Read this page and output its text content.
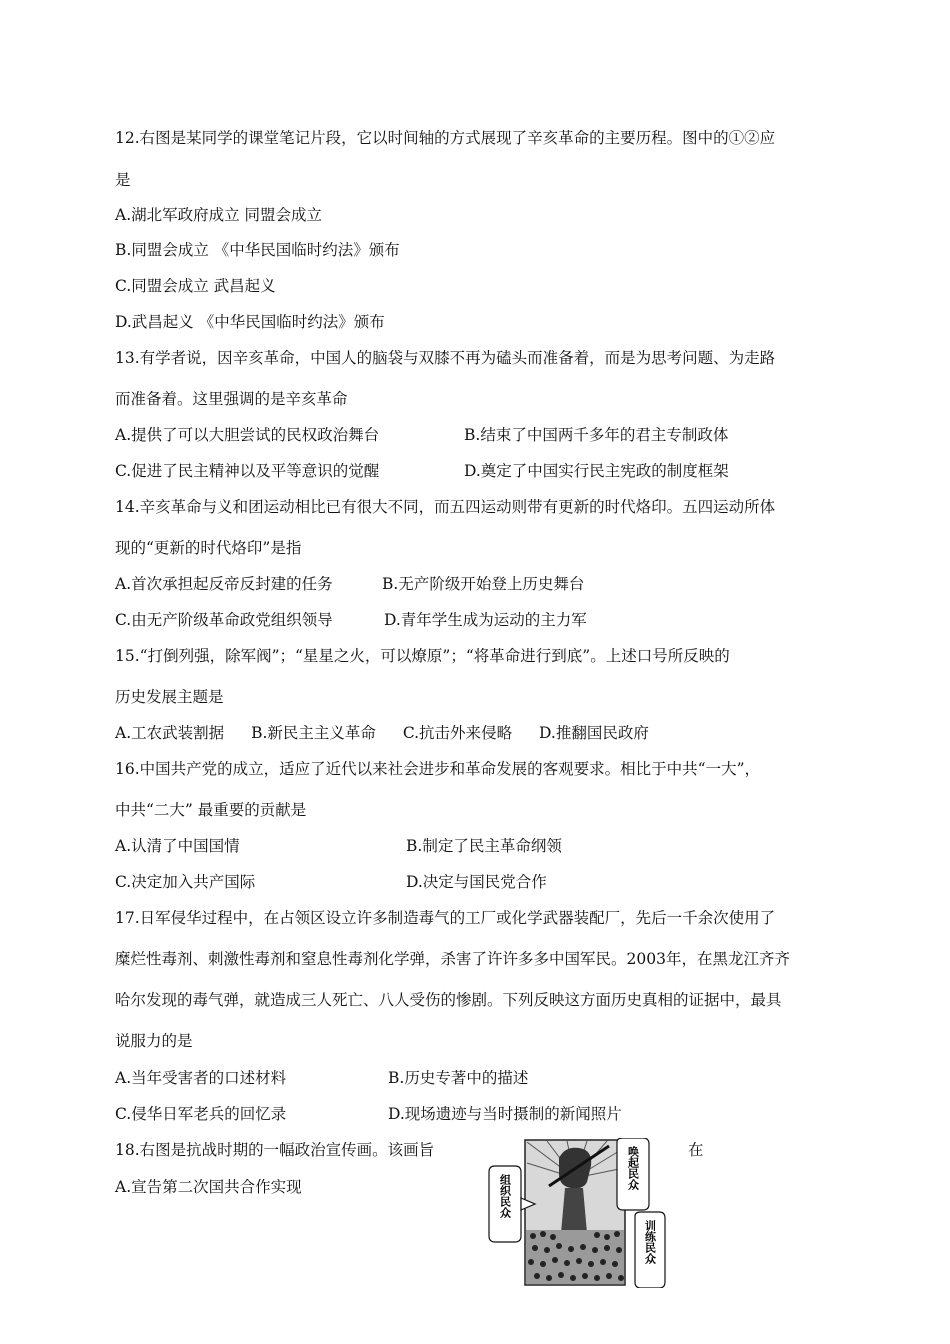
12.右图是某同学的课堂笔记片段，它以时间轴的方式展现了辛亥革命的主要历程。图中的①②应
是
A.湖北军政府成立 同盟会成立
B.同盟会成立 《中华民国临时约法》颁布
C.同盟会成立 武昌起义
D.武昌起义 《中华民国临时约法》颁布
13.有学者说，因辛亥革命，中国人的脑袋与双膝不再为磕头而准备着，而是为思考问题、为走路
而准备着。这里强调的是辛亥革命
A.提供了可以大胆尝试的民权政治舞台	B.结束了中国两千多年的君主专制政体
C.促进了民主精神以及平等意识的觉醒	D.奠定了中国实行民主宪政的制度框架
14.辛亥革命与义和团运动相比已有很大不同，而五四运动则带有更新的时代烙印。五四运动所体
现的“更新的时代烙印”是指
A.首次承担起反帝反封建的任务	B.无产阶级开始登上历史舞台
C.由无产阶级革命政党组织领导	D.青年学生成为运动的主力军
15.“打倒列强，除军阀”；“星星之火，可以燎原”；“将革命进行到底”。上述口号所反映的
历史发展主题是
A.工农武装割据 B.新民主主义革命 C.抗击外来侵略 D.推翻国民政府
16.中国共产党的成立，适应了近代以来社会进步和革命发展的客观要求。相比于中共“一大”，
中共“二大” 最重要的贡献是
A.认清了中国国情	B.制定了民主革命纲领
C.决定加入共产国际	D.决定与国民党合作
17.日军侵华过程中，在占领区设立许多制造毒气的工厂或化学武器装配厂，先后一千余次使用了
糜烂性毒剂、刺激性毒剂和窒息性毒剂化学弹，杀害了许许多多中国军民。2003年，在黑龙江齐齐
哈尔发现的毒气弹，就造成三人死亡、八人受伤的惨剧。下列反映这方面历史真相的证据中，最具
说服力的是
A.当年受害者的口述材料	B.历史专著中的描述
C.侵华日军老兵的回忆录	D.现场遗迹与当时摄制的新闻照片
18.右图是抗战时期的一幅政治宣传画。该画旨	在
A.宣告第二次国共合作实现	组织民众
唤起民众
训练民众
